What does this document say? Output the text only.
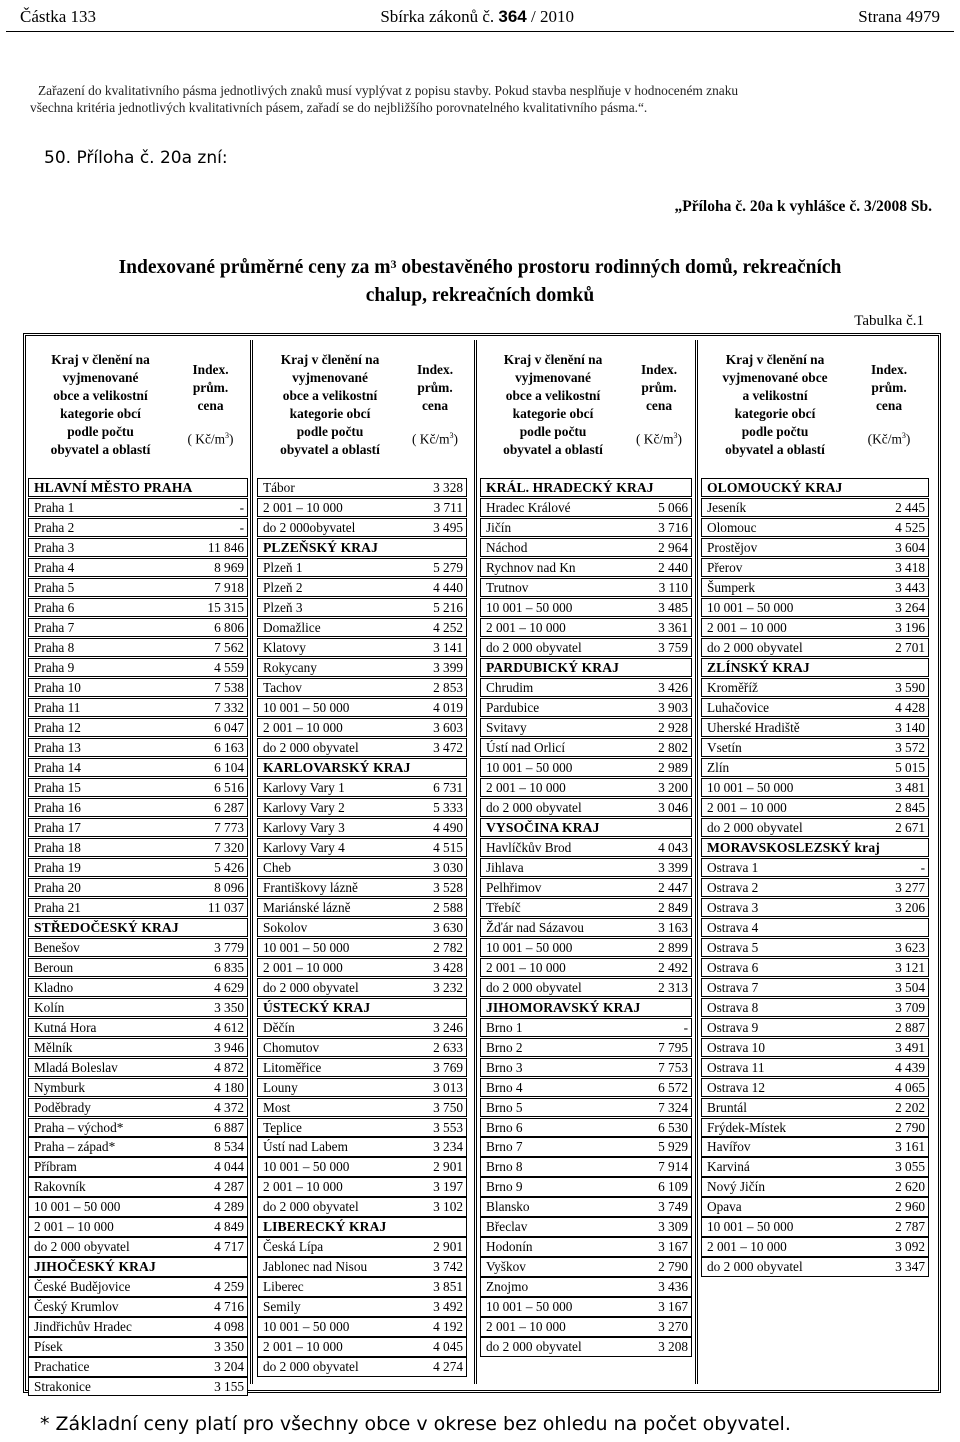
Částka 133	Sbírka zákonů č. 364 / 2010	Strana 4979
Zařazení do kvalitativního pásma jednotlivých znaků musí vyplývat z popisu stavby. Pokud stavba nesplňuje v hodnoceném znaku
všechna kritéria jednotlivých kvalitativních pásem, zařadí se do nejbližšího porovnatelného kvalitativního pásma.“.
50. Příloha č. 20a zní:
„Příloha č. 20a k vyhlášce č. 3/2008 Sb.
Indexované průměrné ceny za $m^3$ obestavěného prostoru rodinných domů, rekreačních
chalup, rekreačních domků
Tabulka č.1
Kraj v členění na
vyjmenované
obce a velikostní
kategorie obcí
podle počtu
obyvatel a oblastí
Index.
prům.
cena
( $Kč/m^3$)
Kraj v členění na
vyjmenované
obce a velikostní
kategorie obcí
podle počtu
obyvatel a oblastí
Index.
prům.
cena
( $Kč/m^3$)
Kraj v členění na
vyjmenované
obce a velikostní
kategorie obcí
podle počtu
obyvatel a oblastí
Index.
prům.
cena
( $Kč/m^3$)
Kraj v členění na
vyjmenované obce
a velikostní
kategorie obcí
podle počtu
obyvatel a oblastí
Index.
prům.
cena
$(Kč/m^3)$
HLAVNÍ MĚSTO PRAHA
Praha 1	-
Praha 2	-
Praha 3	11 846
Praha 4	8 969
Praha 5	7 918
Praha 6	15 315
Praha 7	6 806
Praha 8	7 562
Praha 9	4 559
Praha 10	7 538
Praha 11	7 332
Praha 12	6 047
Praha 13	6 163
Praha 14	6 104
Praha 15	6 516
Praha 16	6 287
Praha 17	7 773
Praha 18	7 320
Praha 19	5 426
Praha 20	8 096
Praha 21	11 037
STŘEDOČESKÝ KRAJ
Benešov	3 779
Beroun	6 835
Kladno	4 629
Kolín	3 350
Kutná Hora	4 612
Mělník	3 946
Mladá Boleslav	4 872
Nymburk	4 180
Poděbrady	4 372
Praha – východ*	6 887
Praha – západ*	8 534
Příbram	4 044
Rakovník	4 287
10 001 – 50 000	4 289
2 001 – 10 000	4 849
do 2 000 obyvatel	4 717
JIHOČESKÝ KRAJ
České Budějovice	4 259
Český Krumlov	4 716
Jindřichův Hradec	4 098
Písek	3 350
Prachatice	3 204
Strakonice	3 155
Tábor	3 328
2 001 – 10 000	3 711
do 2 000obyvatel	3 495
PLZEŇSKÝ KRAJ
Plzeň 1	5 279
Plzeň 2	4 440
Plzeň 3	5 216
Domažlice	4 252
Klatovy	3 141
Rokycany	3 399
Tachov	2 853
10 001 – 50 000	4 019
2 001 – 10 000	3 603
do 2 000 obyvatel	3 472
KARLOVARSKÝ KRAJ
Karlovy Vary 1	6 731
Karlovy Vary 2	5 333
Karlovy Vary 3	4 490
Karlovy Vary 4	4 515
Cheb	3 030
Františkovy lázně	3 528
Mariánské lázně	2 588
Sokolov	3 630
10 001 – 50 000	2 782
2 001 – 10 000	3 428
do 2 000 obyvatel	3 232
ÚSTECKÝ KRAJ
Děčín	3 246
Chomutov	2 633
Litoměřice	3 769
Louny	3 013
Most	3 750
Teplice	3 553
Ústí nad Labem	3 234
10 001 – 50 000	2 901
2 001 – 10 000	3 197
do 2 000 obyvatel	3 102
LIBERECKÝ KRAJ
Česká Lípa	2 901
Jablonec nad Nisou	3 742
Liberec	3 851
Semily	3 492
10 001 – 50 000	4 192
2 001 – 10 000	4 045
do 2 000 obyvatel	4 274
KRÁL. HRADECKÝ KRAJ
Hradec Králové	5 066
Jičín	3 716
Náchod	2 964
Rychnov nad Kn	2 440
Trutnov	3 110
10 001 – 50 000	3 485
2 001 – 10 000	3 361
do 2 000 obyvatel	3 759
PARDUBICKÝ KRAJ
Chrudim	3 426
Pardubice	3 903
Svitavy	2 928
Ústí nad Orlicí	2 802
10 001 – 50 000	2 989
2 001 – 10 000	3 200
do 2 000 obyvatel	3 046
VYSOČINA KRAJ
Havlíčkův Brod	4 043
Jihlava	3 399
Pelhřimov	2 447
Třebíč	2 849
Žďár nad Sázavou	3 163
10 001 – 50 000	2 899
2 001 – 10 000	2 492
do 2 000 obyvatel	2 313
JIHOMORAVSKÝ KRAJ
Brno 1	-
Brno 2	7 795
Brno 3	7 753
Brno 4	6 572
Brno 5	7 324
Brno 6	6 530
Brno 7	5 929
Brno 8	7 914
Brno 9	6 109
Blansko	3 749
Břeclav	3 309
Hodonín	3 167
Vyškov	2 790
Znojmo	3 436
10 001 – 50 000	3 167
2 001 – 10 000	3 270
do 2 000 obyvatel	3 208
OLOMOUCKÝ KRAJ
Jeseník	2 445
Olomouc	4 525
Prostějov	3 604
Přerov	3 418
Šumperk	3 443
10 001 – 50 000	3 264
2 001 – 10 000	3 196
do 2 000 obyvatel	2 701
ZLÍNSKÝ KRAJ
Kroměříž	3 590
Luhačovice	4 428
Uherské Hradiště	3 140
Vsetín	3 572
Zlín	5 015
10 001 – 50 000	3 481
2 001 – 10 000	2 845
do 2 000 obyvatel	2 671
MORAVSKOSLEZSKÝ kraj
Ostrava 1	-
Ostrava 2	3 277
Ostrava 3	3 206
Ostrava 4
Ostrava 5	3 623
Ostrava 6	3 121
Ostrava 7	3 504
Ostrava 8	3 709
Ostrava 9	2 887
Ostrava 10	3 491
Ostrava 11	4 439
Ostrava 12	4 065
Bruntál	2 202
Frýdek-Místek	2 790
Havířov	3 161
Karviná	3 055
Nový Jičín	2 620
Opava	2 960
10 001 – 50 000	2 787
2 001 – 10 000	3 092
do 2 000 obyvatel	3 347
* Základní ceny platí pro všechny obce v okrese bez ohledu na počet obyvatel.
